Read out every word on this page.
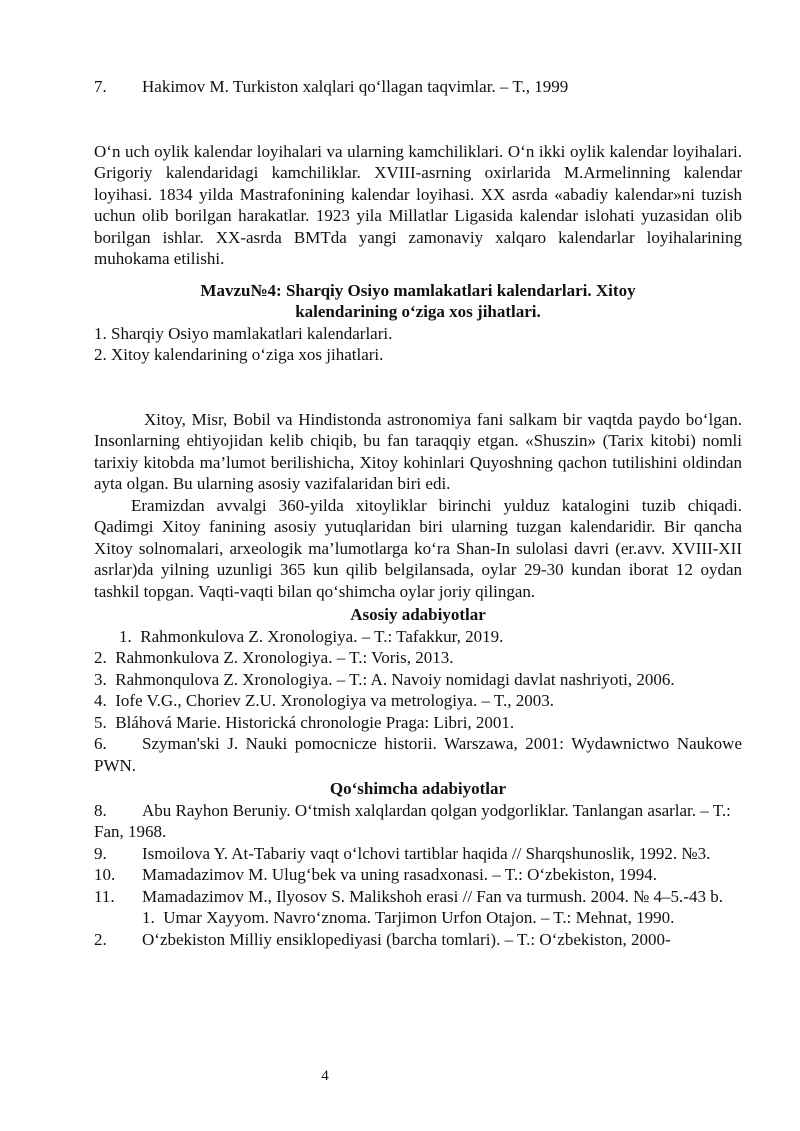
7. Hakimov M. Turkiston xalqlari qo‘llagan taqvimlar. – T., 1999

O‘n uch oylik kalendar loyihalari va ularning kamchiliklari. O‘n ikki oylik kalendar loyihalari. Grigoriy kalendaridagi kamchiliklar. XVIII-asrning oxirlarida M.Armelinning kalendar loyihasi. 1834 yilda Mastrafonining kalendar loyihasi. XX asrda «abadiy kalendar»ni tuzish uchun olib borilgan harakatlar. 1923 yila Millatlar Ligasida kalendar islohati yuzasidan olib borilgan ishlar. XX-asrda BMTda yangi zamonaviy xalqaro kalendarlar loyihalarining muhokama etilishi.

Mavzu№4: Sharqiy Osiyo mamlakatlari kalendarlari. Xitoy
kalendarining o‘ziga xos jihatlari.

1. Sharqiy Osiyo mamlakatlari kalendarlari.

2. Xitoy kalendarining o‘ziga xos jihatlari.

Xitoy, Misr, Bobil va Hindistonda astronomiya fani salkam bir vaqtda paydo bo‘lgan. Insonlarning ehtiyojidan kelib chiqib, bu fan taraqqiy etgan. «Shuszin» (Tarix kitobi) nomli tarixiy kitobda ma’lumot berilishicha, Xitoy kohinlari Quyoshning qachon tutilishini oldindan ayta olgan. Bu ularning asosiy vazifalaridan biri edi.

Eramizdan avvalgi 360-yilda xitoyliklar birinchi yulduz katalogini tuzib chiqadi. Qadimgi Xitoy fanining asosiy yutuqlaridan biri ularning tuzgan kalendaridir. Bir qancha Xitoy solnomalari, arxeologik ma’lumotlarga ko‘ra Shan-In sulolasi davri (er.avv. XVIII-XII asrlar)da yilning uzunligi 365 kun qilib belgilansada, oylar 29-30 kundan iborat 12 oydan tashkil topgan. Vaqti-vaqti bilan qo‘shimcha oylar joriy qilingan.

Asosiy adabiyotlar

1. Rahmonkulova Z. Xronologiya. – T.: Tafakkur, 2019.

2. Rahmonkulova Z. Xronologiya. – T.: Voris, 2013.

3. Rahmonqulova Z. Xronologiya. – T.: A. Navoiy nomidagi davlat nashriyoti, 2006.

4. Iofe V.G., Choriev Z.U. Xronologiya va metrologiya. – T., 2003.

5. Bláhová Marie. Historická chronologie Praga: Libri, 2001.

6. Szyman'ski J. Nauki pomocnicze historii. Warszawa, 2001: Wydawnictwo Naukowe PWN.

Qo‘shimcha adabiyotlar

8. Abu Rayhon Beruniy. O‘tmish xalqlardan qolgan yodgorliklar. Tanlangan asarlar. – T.: Fan, 1968.

9. Ismoilova Y. At-Tabariy vaqt o‘lchovi tartiblar haqida // Sharqshunoslik, 1992. №3.

10. Mamadazimov M. Ulug‘bek va uning rasadxonasi. – T.: O‘zbekiston, 1994.

11. Mamadazimov M., Ilyosov S. Malikshoh erasi // Fan va turmush. 2004. № 4–5.-43 b.

1. Umar Xayyom. Navro‘znoma. Tarjimon Urfon Otajon. – T.: Mehnat, 1990.

2. O‘zbekiston Milliy ensiklopediyasi (barcha tomlari). – T.: O‘zbekiston, 2000-

4
